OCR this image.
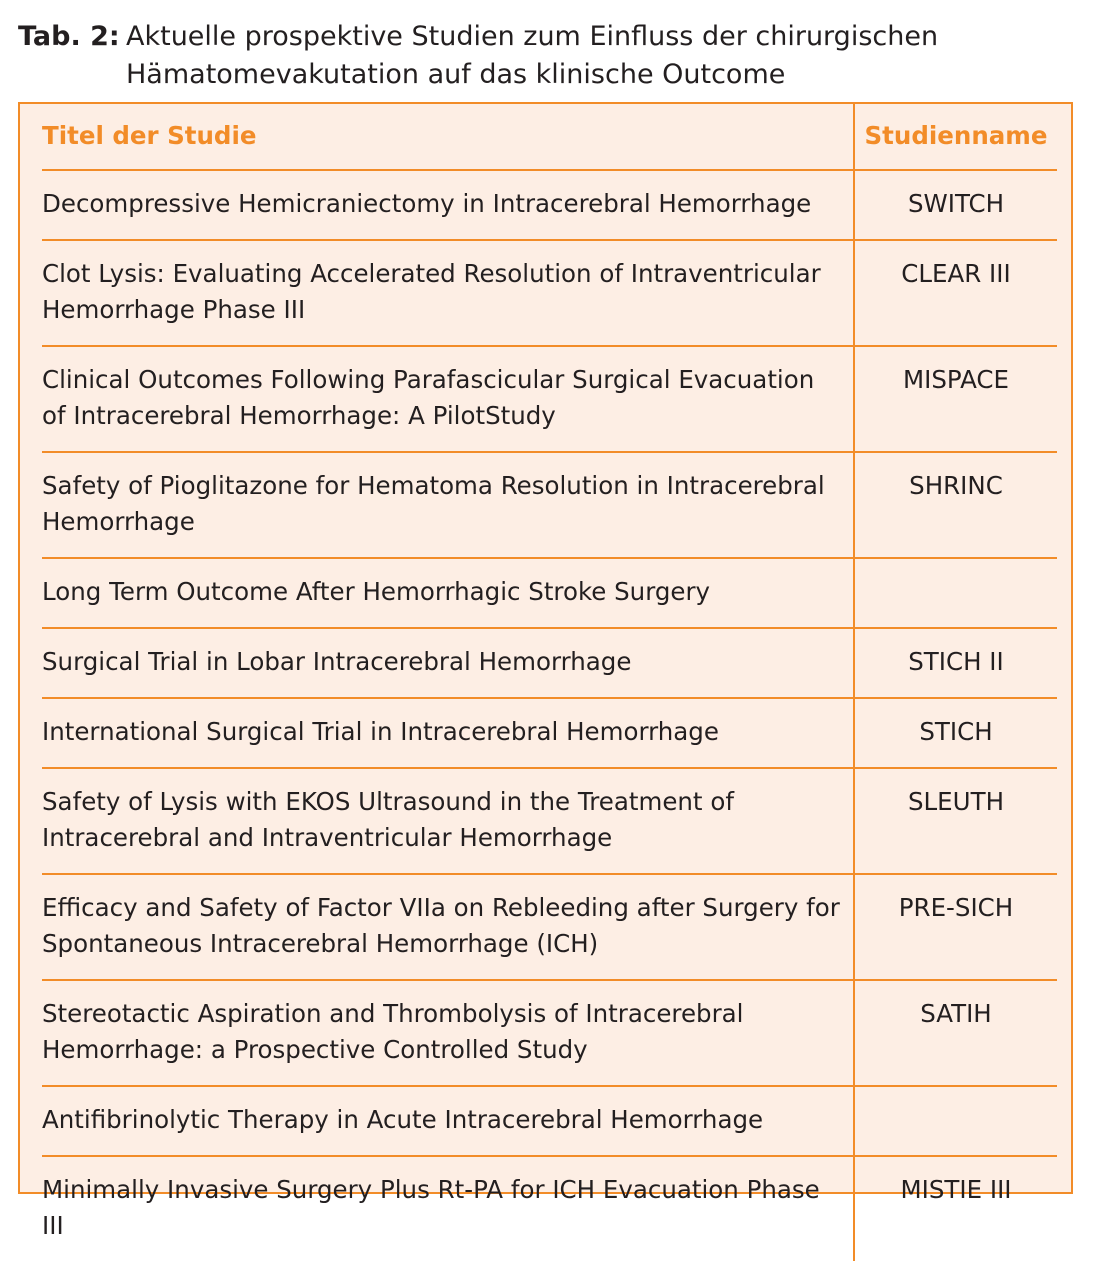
Tab. 2: Aktuelle prospektive Studien zum Einfluss der chirurgischen
Hämatomevakutation auf das klinische Outcome
Titel der Studie	Studienname
Decompressive Hemicraniectomy in Intracerebral Hemorrhage	SWITCH
Clot Lysis: Evaluating Accelerated Resolution of Intraventricular Hemorrhage Phase III	CLEAR III
Clinical Outcomes Following Parafascicular Surgical Evacuation of Intracerebral Hemorrhage: A PilotStudy	MISPACE
Safety of Pioglitazone for Hematoma Resolution in Intracerebral Hemorrhage	SHRINC
Long Term Outcome After Hemorrhagic Stroke Surgery	
Surgical Trial in Lobar Intracerebral Hemorrhage	STICH II
International Surgical Trial in Intracerebral Hemorrhage	STICH
Safety of Lysis with EKOS Ultrasound in the Treatment of Intracerebral and Intraventricular Hemorrhage	SLEUTH
Efficacy and Safety of Factor VIIa on Rebleeding after Surgery for Spontaneous Intracerebral Hemorrhage (ICH)	PRE-SICH
Stereotactic Aspiration and Thrombolysis of Intracerebral Hemorrhage: a Prospective Controlled Study	SATIH
Antifibrinolytic Therapy in Acute Intracerebral Hemorrhage	
Minimally Invasive Surgery Plus Rt-PA for ICH Evacuation Phase III	MISTIE III
